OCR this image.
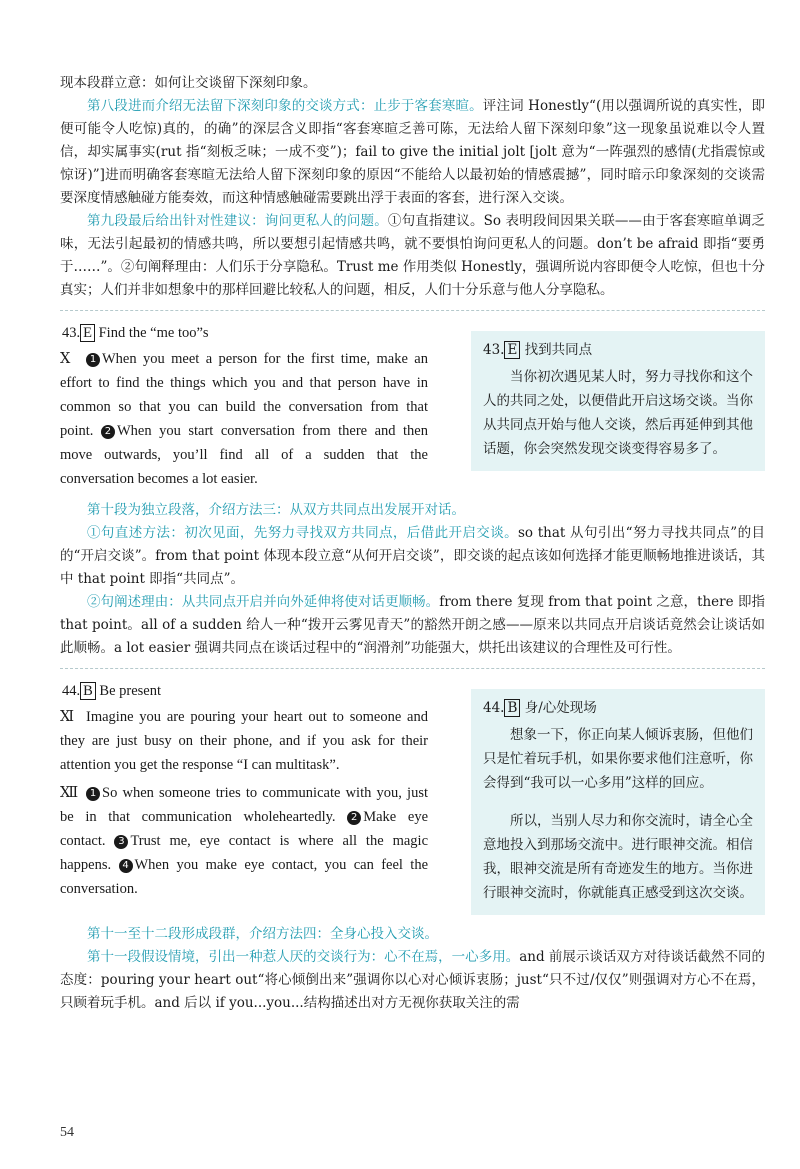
现本段群立意：如何让交谈留下深刻印象。

第八段进而介绍无法留下深刻印象的交谈方式：止步于客套寒暄。评注词 Honestly“(用以强调所说的真实性，即便可能令人吃惊)真的，的确”的深层含义即指“客套寒暄乏善可陈，无法给人留下深刻印象”这一现象虽说难以令人置信，却实属事实(rut 指“刻板乏味；一成不变”)；fail to give the initial jolt [jolt 意为“一阵强烈的感情(尤指震惊或惊讶)”]进而明确客套寒暄无法给人留下深刻印象的原因“不能给人以最初始的情感震撼”，同时暗示印象深刻的交谈需要深度情感触碰方能奏效，而这种情感触碰需要跳出浮于表面的客套，进行深入交谈。

第九段最后给出针对性建议：询问更私人的问题。①句直指建议。So 表明段间因果关联——由于客套寒暄单调乏味，无法引起最初的情感共鸣，所以要想引起情感共鸣，就不要惧怕询问更私人的问题。don’t be afraid 即指“要勇于……”。②句阐释理由：人们乐于分享隐私。Trust me 作用类似 Honestly，强调所说内容即便令人吃惊，但也十分真实；人们并非如想象中的那样回避比较私人的问题，相反，人们十分乐意与他人分享隐私。

43. E Find the “me too”s

Ⅹ 1 When you meet a person for the first time, make an effort to find the things which you and that person have in common so that you can build the conversation from that point. 2 When you start conversation from there and then move outwards, you’ll find all of a sudden that the conversation becomes a lot easier.

43. E 找到共同点

当你初次遇见某人时，努力寻找你和这个人的共同之处，以便借此开启这场交谈。当你从共同点开始与他人交谈，然后再延伸到其他话题，你会突然发现交谈变得容易多了。

第十段为独立段落，介绍方法三：从双方共同点出发展开对话。

①句直述方法：初次见面，先努力寻找双方共同点，后借此开启交谈。so that 从句引出“努力寻找共同点”的目的“开启交谈”。from that point 体现本段立意“从何开启交谈”，即交谈的起点该如何选择才能更顺畅地推进谈话，其中 that point 即指“共同点”。

②句阐述理由：从共同点开启并向外延伸将使对话更顺畅。from there 复现 from that point 之意，there 即指 that point。all of a sudden 给人一种“拨开云雾见青天”的豁然开朗之感——原来以共同点开启谈话竟然会让谈话如此顺畅。a lot easier 强调共同点在谈话过程中的“润滑剂”功能强大，烘托出该建议的合理性及可行性。

44. B Be present

Ⅺ Imagine you are pouring your heart out to someone and they are just busy on their phone, and if you ask for their attention you get the response “I can multitask”.

Ⅻ 1 So when someone tries to communicate with you, just be in that communication wholeheartedly. 2 Make eye contact. 3 Trust me, eye contact is where all the magic happens. 4 When you make eye contact, you can feel the conversation.

44. B 身/心处现场

想象一下，你正向某人倾诉衷肠，但他们只是忙着玩手机，如果你要求他们注意听，你会得到“我可以一心多用”这样的回应。

所以，当别人尽力和你交流时，请全心全意地投入到那场交流中。进行眼神交流。相信我，眼神交流是所有奇迹发生的地方。当你进行眼神交流时，你就能真正感受到这次交谈。

第十一至十二段形成段群，介绍方法四：全身心投入交谈。

第十一段假设情境，引出一种惹人厌的交谈行为：心不在焉，一心多用。and 前展示谈话双方对待谈话截然不同的态度：pouring your heart out“将心倾倒出来”强调你以心对心倾诉衷肠；just“只不过/仅仅”则强调对方心不在焉，只顾着玩手机。and 后以 if you...you...结构描述出对方无视你获取关注的需

54
